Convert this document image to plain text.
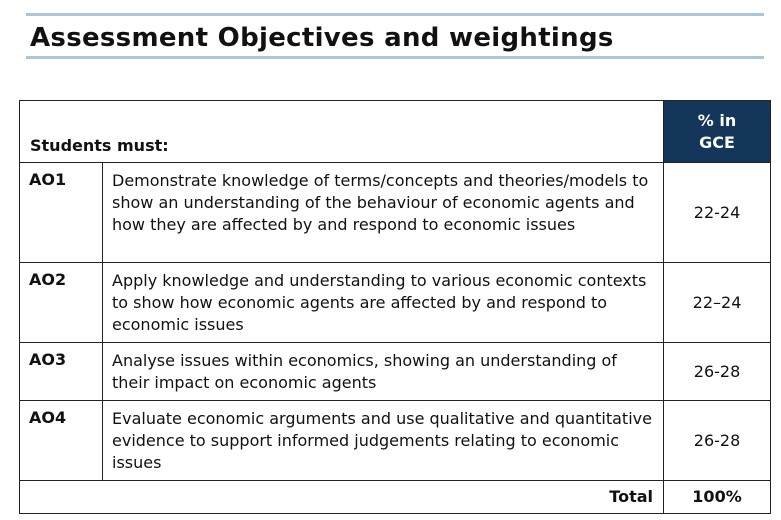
Assessment Objectives and weightings
Students must:		% in
GCE
AO1	Demonstrate knowledge of terms/concepts and theories/models to show an understanding of the behaviour of economic agents and how they are affected by and respond to economic issues	22-24
AO2	Apply knowledge and understanding to various economic contexts to show how economic agents are affected by and respond to economic issues	22–24
AO3	Analyse issues within economics, showing an understanding of their impact on economic agents	26-28
AO4	Evaluate economic arguments and use qualitative and quantitative evidence to support informed judgements relating to economic issues	26-28
Total		100%
